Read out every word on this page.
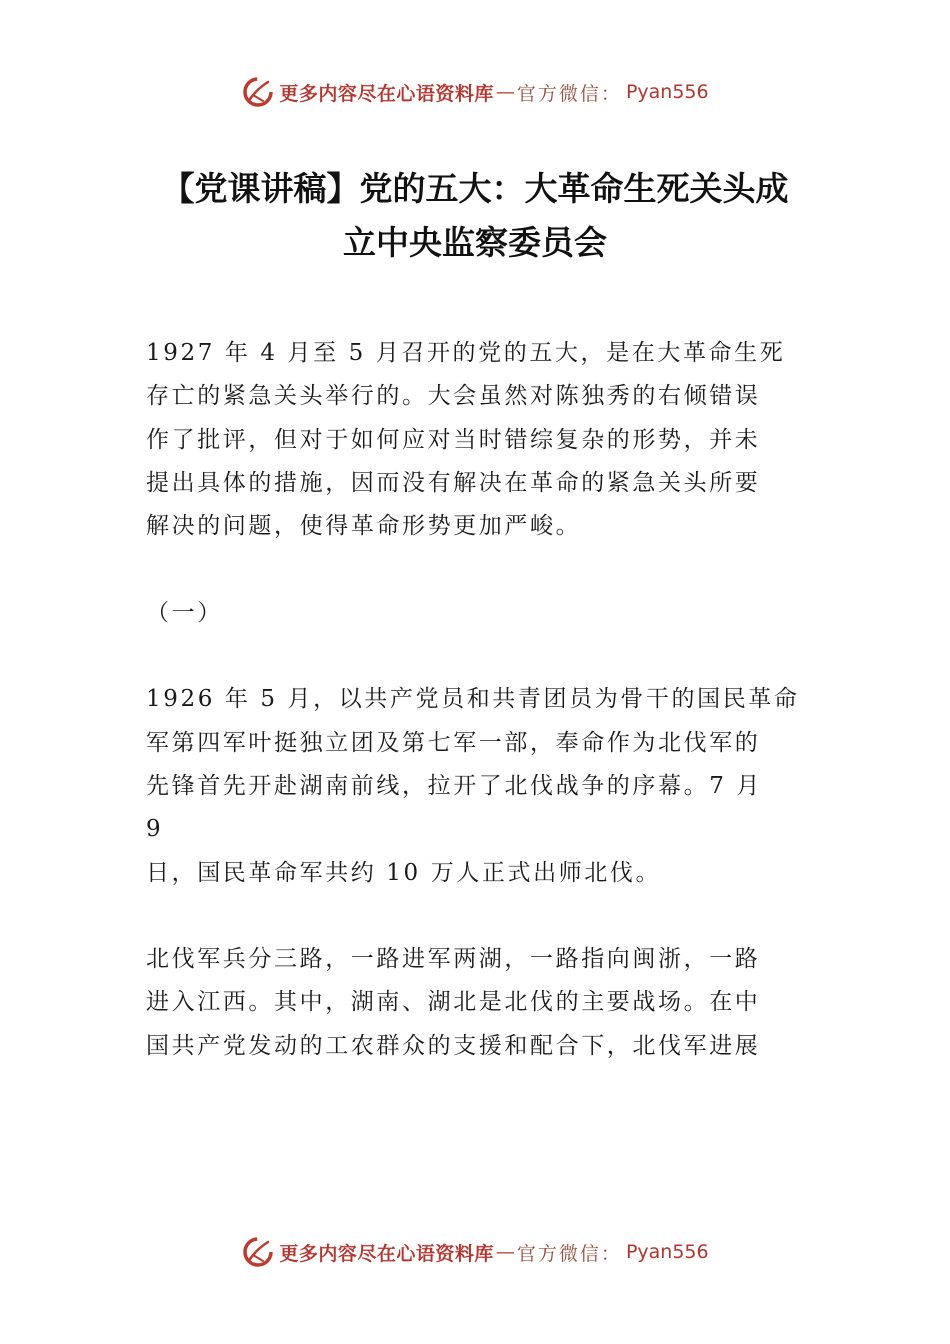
更多内容尽在心语资料库 — 官方微信： Pyan556
【党课讲稿】党的五大：大革命生死关头成
立中央监察委员会
1927 年 4 月至 5 月召开的党的五大，是在大革命生死
存亡的紧急关头举行的。大会虽然对陈独秀的右倾错误
作了批评，但对于如何应对当时错综复杂的形势，并未
提出具体的措施，因而没有解决在革命的紧急关头所要
解决的问题，使得革命形势更加严峻。
（一）
1926 年 5 月，以共产党员和共青团员为骨干的国民革命
军第四军叶挺独立团及第七军一部，奉命作为北伐军的
先锋首先开赴湖南前线，拉开了北伐战争的序幕。7 月
9
日，国民革命军共约 10 万人正式出师北伐。
北伐军兵分三路，一路进军两湖，一路指向闽浙，一路
进入江西。其中，湖南、湖北是北伐的主要战场。在中
国共产党发动的工农群众的支援和配合下，北伐军进展
更多内容尽在心语资料库 — 官方微信： Pyan556
